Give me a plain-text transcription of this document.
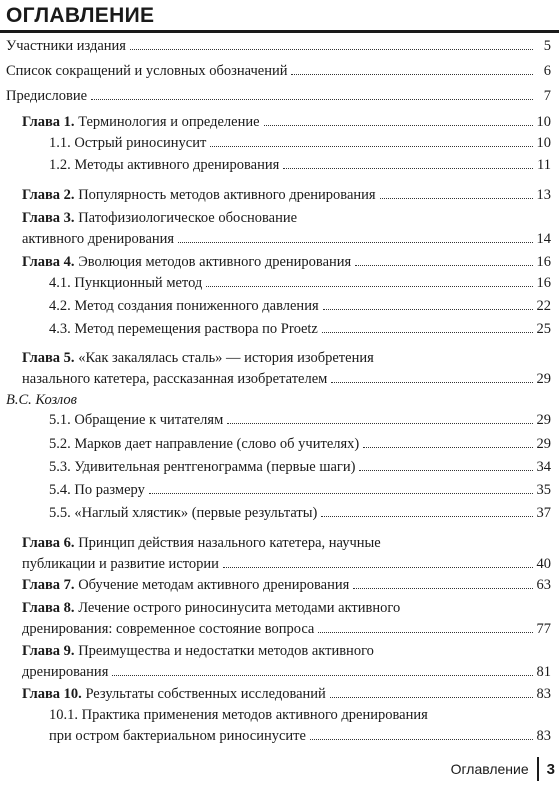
ОГЛАВЛЕНИЕ
Участники издания	5
Список сокращений и условных обозначений	6
Предисловие	7
Глава 1. Терминология и определение	10
1.1. Острый риносинусит	10
1.2. Методы активного дренирования	11
Глава 2. Популярность методов активного дренирования	13
Глава 3. Патофизиологическое обоснование
активного дренирования	14
Глава 4. Эволюция методов активного дренирования	16
4.1. Пункционный метод	16
4.2. Метод создания пониженного давления	22
4.3. Метод перемещения раствора по Proetz	25
Глава 5. «Как закалялась сталь» — история изобретения
назального катетера, рассказанная изобретателем	29
В.С. Козлов
5.1. Обращение к читателям	29
5.2. Марков дает направление (слово об учителях)	29
5.3. Удивительная рентгенограмма (первые шаги)	34
5.4. По размеру	35
5.5. «Наглый хлястик» (первые результаты)	37
Глава 6. Принцип действия назального катетера, научные
публикации и развитие истории	40
Глава 7. Обучение методам активного дренирования	63
Глава 8. Лечение острого риносинусита методами активного
дренирования: современное состояние вопроса	77
Глава 9. Преимущества и недостатки методов активного
дренирования	81
Глава 10. Результаты собственных исследований	83
10.1. Практика применения методов активного дренирования
при остром бактериальном риносинусите	83
Оглавление 3
